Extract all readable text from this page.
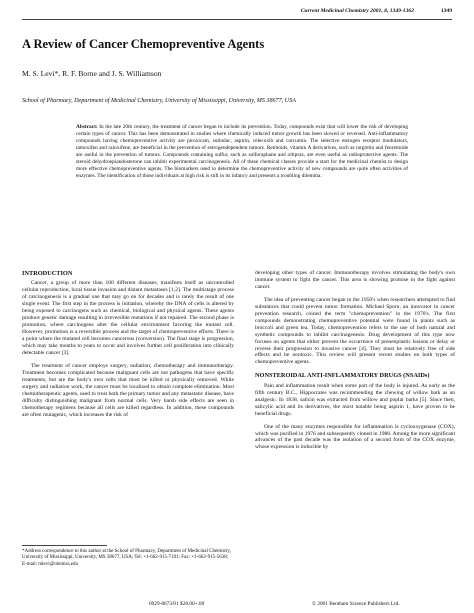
Current Medicinal Chemistry 2001, 8, 1349-1362	1349
A Review of Cancer Chemopreventive Agents
M. S. Levi*, R. F. Borne and J. S. Williamson
School of Pharmacy, Department of Medicinal Chemistry, University of Mississippi, University, MS 38677, USA
Abstract: In the late 20th century, the treatment of cancer began to include its prevention. Today, compounds exist that will lower the risk of developing certain types of cancer. This has been demonstrated in studies where chemically induced tumor growth has been slowed or reversed. Anti-inflammatory compounds having chemopreventive activity are piroxicam, sulindac, aspirin, celecoxib and curcumin. The selective estrogen receptor modulators, tamoxifen and raloxifene, are beneficial in the prevention of estrogendependent tumors. Retinoids, vitamin A derivatives, such as targretin and fenretinide are useful in the prevention of tumors. Compounds containing sulfur, such as sulforaphane and oltipraz, are even useful as radioprotective agents. The steroid dehydroepiandosterone can inhibit experimental carcinogenesis. All of these chemical classes provide a start for the medicinal chemist to design more effective chemopreventive agents. The biomarkers used to determine the chemopreventive activity of new compounds are quite often activities of enzymes. The identification of those individuals at high risk is still in its infancy and presents a troubling dilemma.
INTRODUCTION

Cancer, a group of more than 100 different diseases, manifests itself as uncontrolled cellular reproduction, local tissue invasion and distant metastases [1,2]. The multistage process of carcinogenesis is a gradual one that may go on for decades and is rarely the result of one single event. The first step in the process is initiation, whereby the DNA of cells is altered by being exposed to carcinogens such as chemical, biological and physical agents. These agents produce genetic damage resulting in irreversible mutations if not repaired. The second phase is promotion, where carcinogens alter the cellular environment favoring the mutant cell. However, promotion is a reversible process and the target of chemopreventive efforts. There is a point where the mutated cell becomes cancerous (conversion). The final stage is progression, which may take months to years to occur and involves further cell proliferation into clinically detectable cancer [3].

The treatment of cancer employs surgery, radiation, chemotherapy and immunotherapy. Treatment becomes complicated because malignant cells are not pathogens that have specific treatments, but are the body's own cells that must be killed or physically removed. While surgery and radiation work, the cancer must be localized to obtain complete elimination. Most chemotherapeutic agents, used to treat both the primary tumor and any metastatic disease, have difficulty distinguishing malignant from normal cells. Very harsh side effects are seen in chemotherapy regimens because all cells are killed regardless. In addition, these compounds are often mutagenic, which increases the risk of

developing other types of cancer. Immunotherapy involves stimulating the body's own immune system to fight the cancer. This area is showing promise in the fight against cancer.

The idea of preventing cancer began in the 1950's when researchers attempted to find substances that could prevent tumor formation. Michael Sporn, an innovator in cancer prevention research, coined the term "chemoprevention" in the 1970's. The first compounds demonstrating chemopreventive potential were found in plants such as broccoli and green tea. Today, chemoprevention refers to the use of both natural and synthetic compounds to inhibit carcinogenesis. Drug development of this type now focuses on agents that either prevent the occurrence of preneoplastic lesions or delay or reverse their progression to invasive cancer [4]. They must be relatively free of side effects and be nontoxic. This review will present recent studies on both types of chemopreventive agents.

NONSTEROIDAL ANTI-INFLAMMATORY DRUGS (NSAIDs)

Pain and inflammation result when some part of the body is injured. As early as the fifth century B.C., Hippocrates was recommending the chewing of willow bark as an analgesic. In 1838, salicin was extracted from willow and poplar barks [5]. Since then, salicylic acid and its derivatives, the most notable being aspirin 1, have proven to be beneficial drugs.

One of the many enzymes responsible for inflammation is cyclooxygenase (COX), which was purified in 1976 and subsequently cloned in 1988. Among the more significant advances of the past decade was the isolation of a second form of the COX enzyme, whose expression is inducible by

*Address correspondence to this author at the School of Pharmacy, Department of Medicinal Chemistry, University of Mississippi, University, MS 38677, USA; Tel: +1-662-915-7101; Fax: +1-662-915-5638; E-mail: mlevi@olemiss.edu
0929-8673/01 $28.00+.00	© 2001 Bentham Science Publishers Ltd.
